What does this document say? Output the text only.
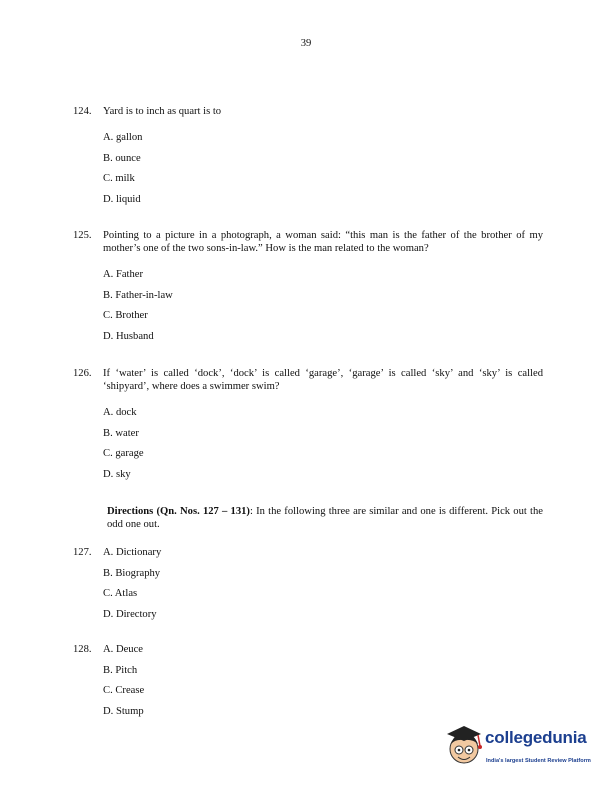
39
124. Yard is to inch as quart is to
A. gallon
B. ounce
C. milk
D. liquid
125. Pointing to a picture in a photograph, a woman said: “this man is the father of the brother of my mother’s one of the two sons-in-law.” How is the man related to the woman?
A. Father
B. Father-in-law
C. Brother
D. Husband
126. If ‘water’ is called ‘dock’, ‘dock’ is called ‘garage’, ‘garage’ is called ‘sky’ and ‘sky’ is called ‘shipyard’, where does a swimmer swim?
A. dock
B. water
C. garage
D. sky
Directions (Qn. Nos. 127 – 131): In the following three are similar and one is different. Pick out the odd one out.
127. A. Dictionary
B. Biography
C. Atlas
D. Directory
128. A. Deuce
B. Pitch
C. Crease
D. Stump
collegedunia
India's largest Student Review Platform
